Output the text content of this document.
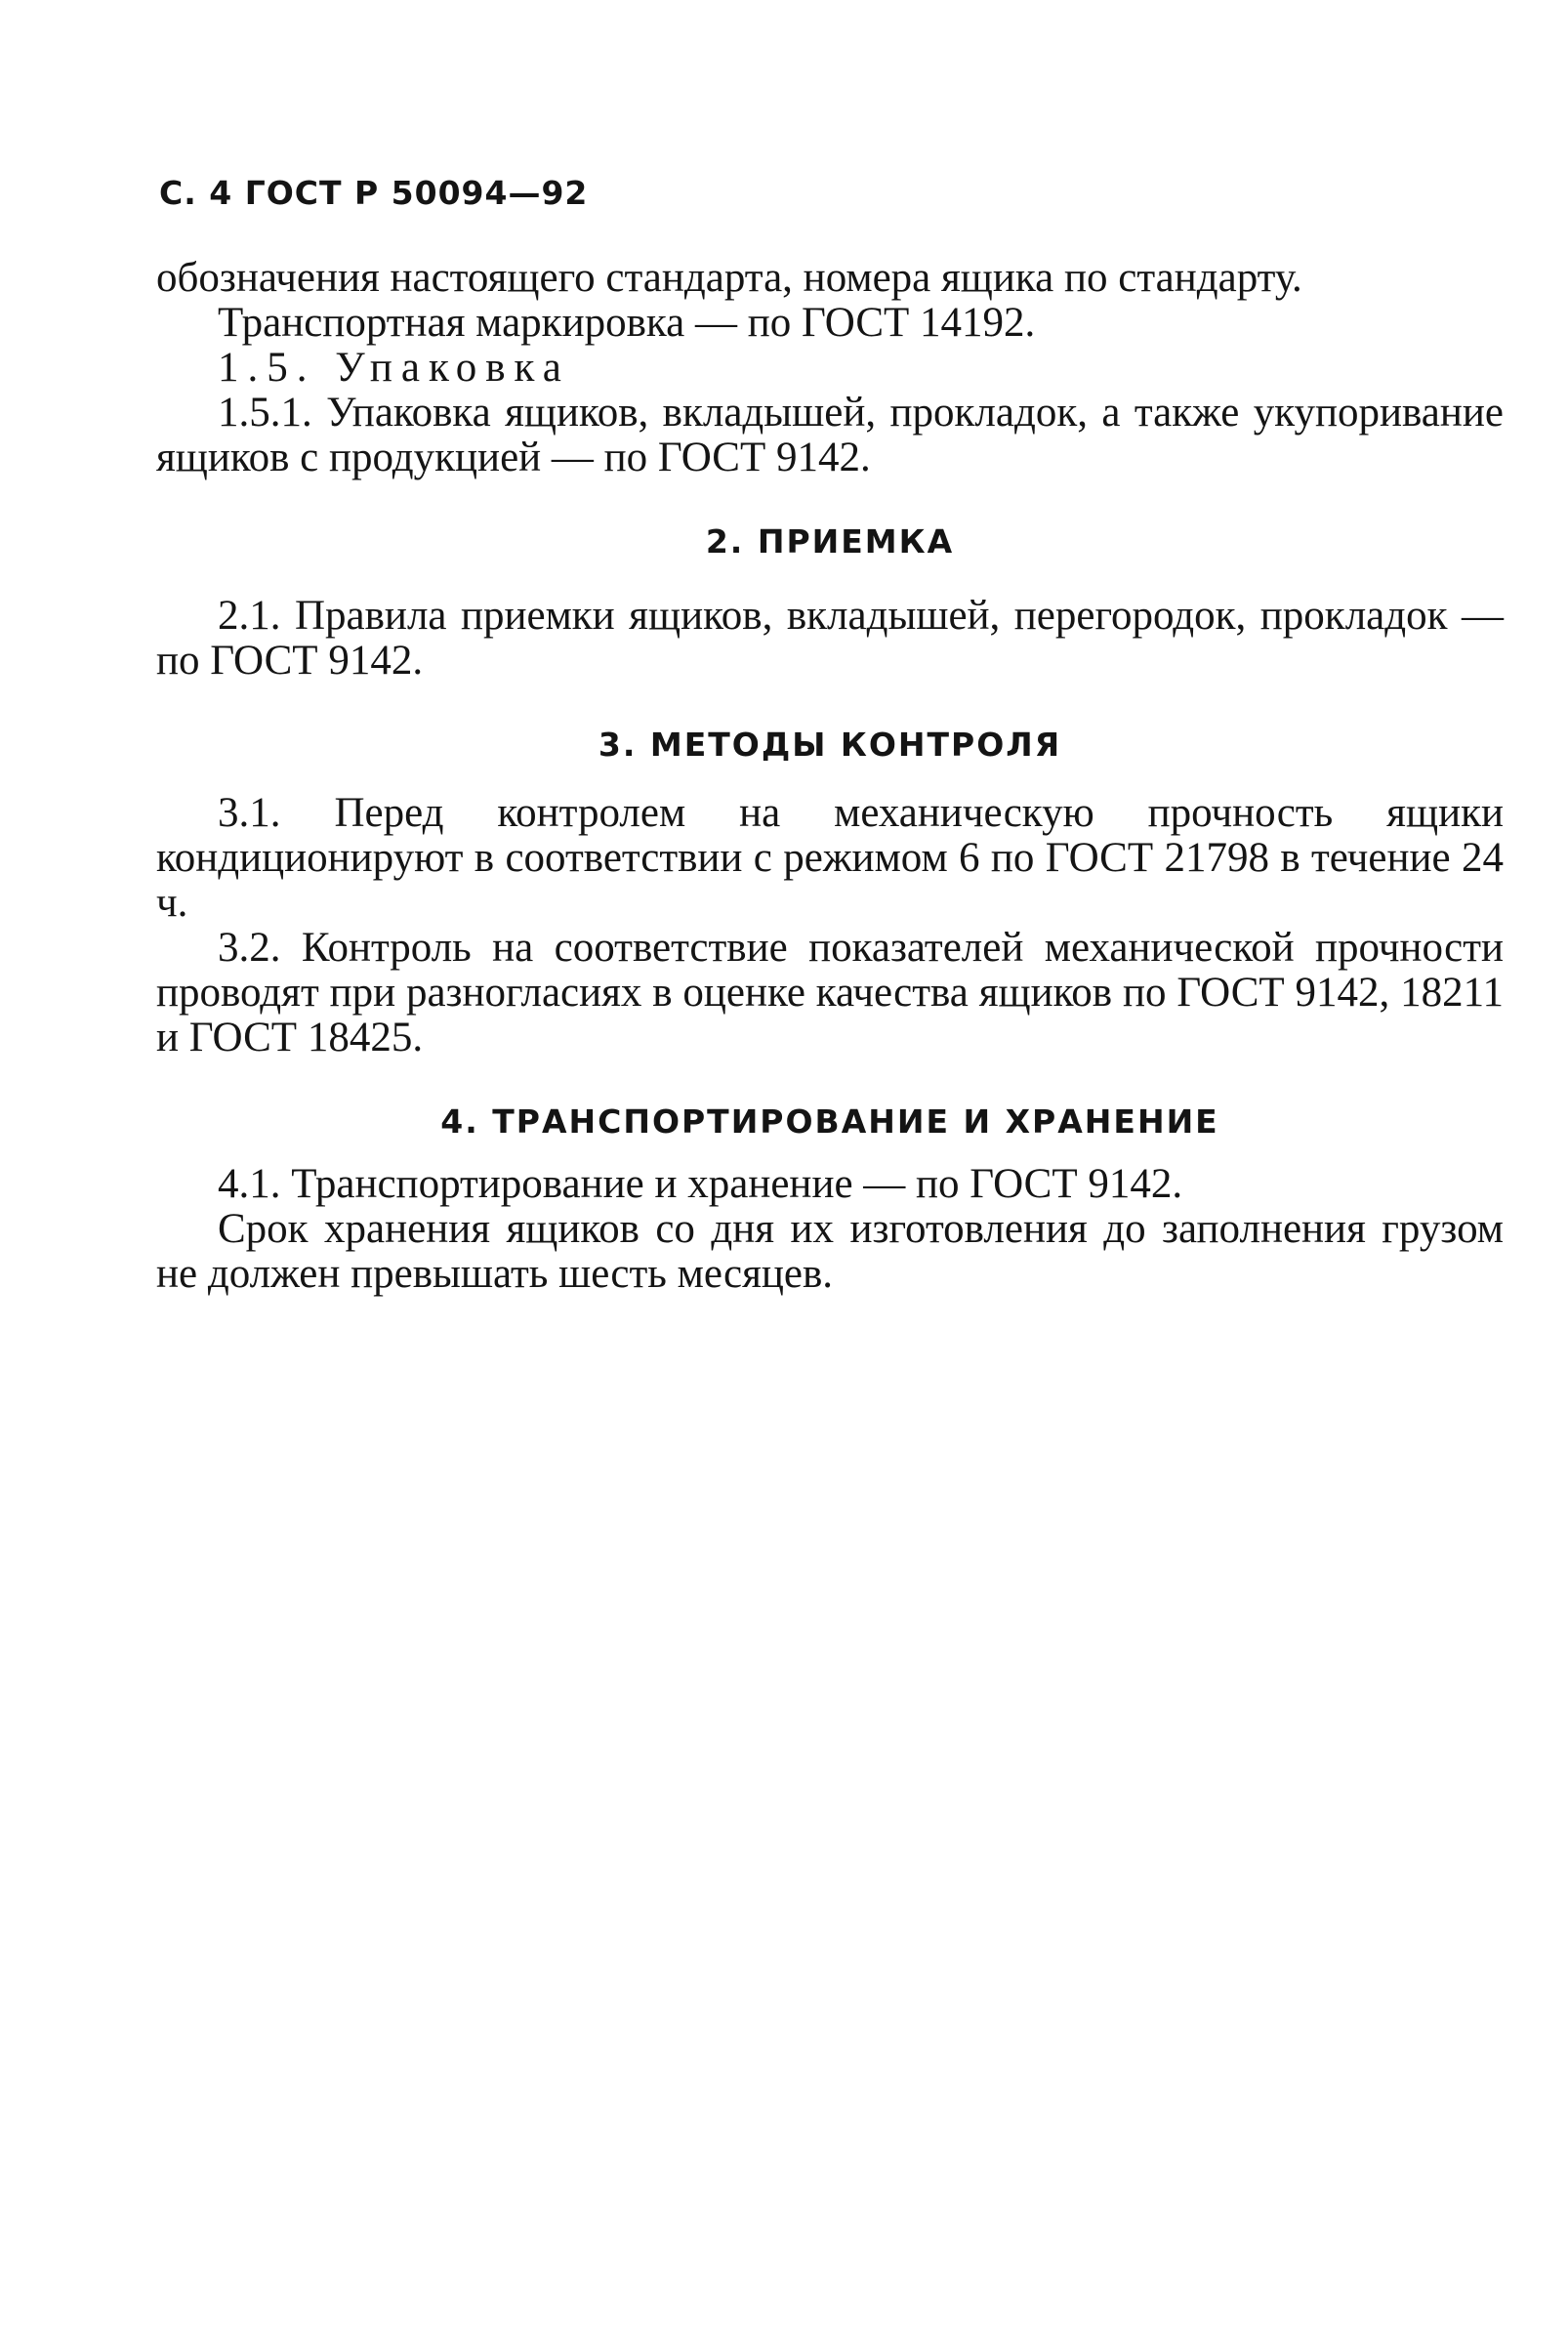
С. 4 ГОСТ Р 50094—92

обозначения настоящего стандарта, номера ящика по стандарту.

Транспортная маркировка — по ГОСТ 14192.

1.5. Упаковка

1.5.1. Упаковка ящиков, вкладышей, прокладок, а также укупоривание ящиков с продукцией — по ГОСТ 9142.

2. ПРИЕМКА

2.1. Правила приемки ящиков, вкладышей, перегородок, прокладок — по ГОСТ 9142.

3. МЕТОДЫ КОНТРОЛЯ

3.1. Перед контролем на механическую прочность ящики кондиционируют в соответствии с режимом 6 по ГОСТ 21798 в течение 24 ч.

3.2. Контроль на соответствие показателей механической прочности проводят при разногласиях в оценке качества ящиков по ГОСТ 9142, 18211 и ГОСТ 18425.

4. ТРАНСПОРТИРОВАНИЕ И ХРАНЕНИЕ

4.1. Транспортирование и хранение — по ГОСТ 9142.

Срок хранения ящиков со дня их изготовления до заполнения грузом не должен превышать шесть месяцев.
